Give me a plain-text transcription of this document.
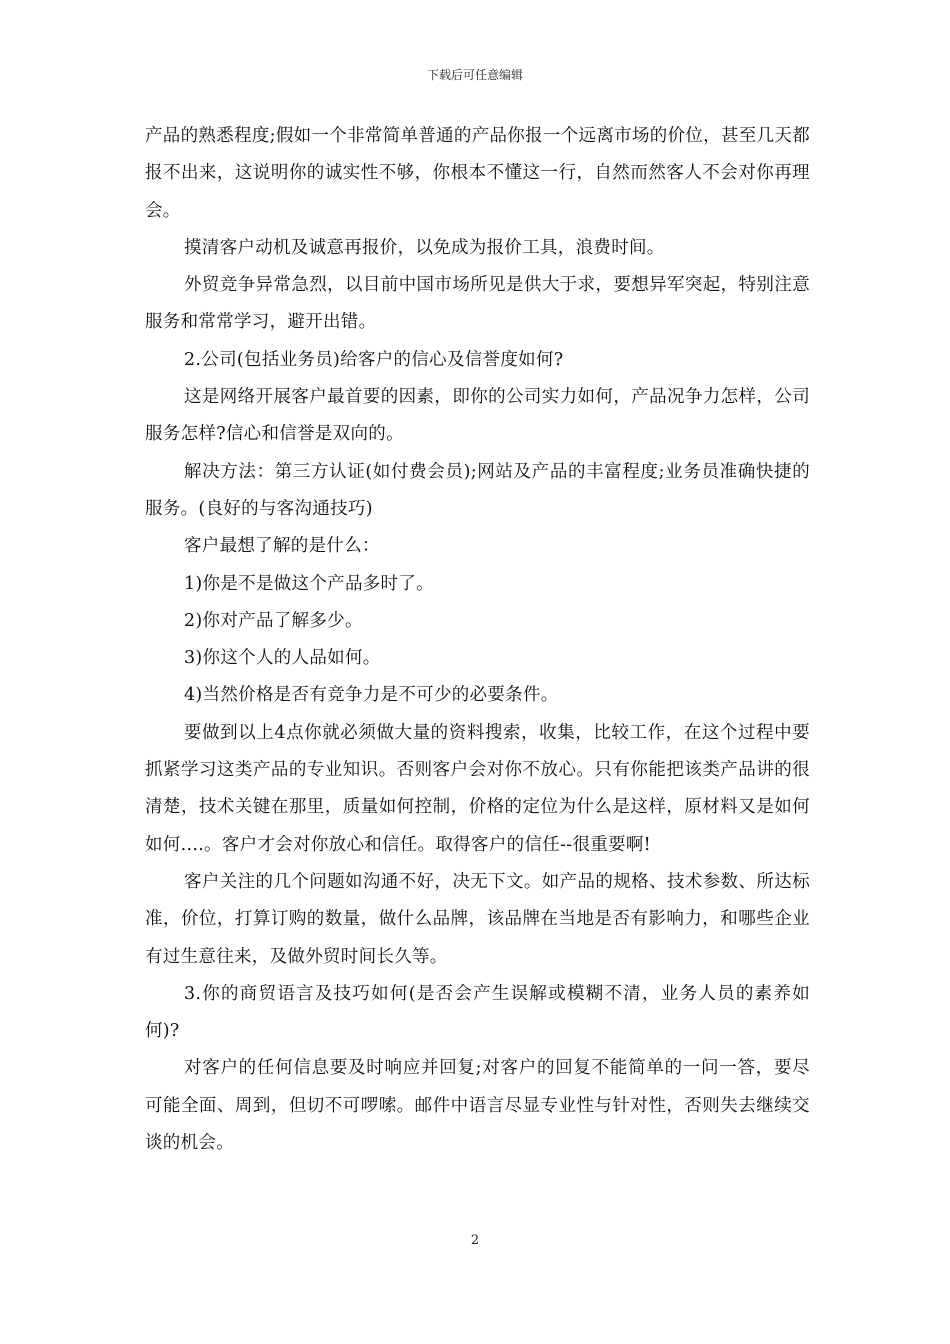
下载后可任意编辑

产品的熟悉程度;假如一个非常简单普通的产品你报一个远离市场的价位，甚至几天都报不出来，这说明你的诚实性不够，你根本不懂这一行，自然而然客人不会对你再理会。

摸清客户动机及诚意再报价，以免成为报价工具，浪费时间。

外贸竞争异常急烈，以目前中国市场所见是供大于求，要想异军突起，特别注意服务和常常学习，避开出错。

2.公司(包括业务员)给客户的信心及信誉度如何?

这是网络开展客户最首要的因素，即你的公司实力如何，产品况争力怎样，公司服务怎样?信心和信誉是双向的。

解决方法：第三方认证(如付费会员);网站及产品的丰富程度;业务员准确快捷的服务。(良好的与客沟通技巧)

客户最想了解的是什么：

1)你是不是做这个产品多时了。

2)你对产品了解多少。

3)你这个人的人品如何。

4)当然价格是否有竞争力是不可少的必要条件。

要做到以上4点你就必须做大量的资料搜索，收集，比较工作，在这个过程中要抓紧学习这类产品的专业知识。否则客户会对你不放心。只有你能把该类产品讲的很清楚，技术关键在那里，质量如何控制，价格的定位为什么是这样，原材料又是如何如何....。客户才会对你放心和信任。取得客户的信任--很重要啊!

客户关注的几个问题如沟通不好，决无下文。如产品的规格、技术参数、所达标准，价位，打算订购的数量，做什么品牌，该品牌在当地是否有影响力，和哪些企业有过生意往来，及做外贸时间长久等。

3.你的商贸语言及技巧如何(是否会产生误解或模糊不清，业务人员的素养如何)?

对客户的任何信息要及时响应并回复;对客户的回复不能简单的一问一答，要尽可能全面、周到，但切不可啰嗦。邮件中语言尽显专业性与针对性，否则失去继续交谈的机会。

2
